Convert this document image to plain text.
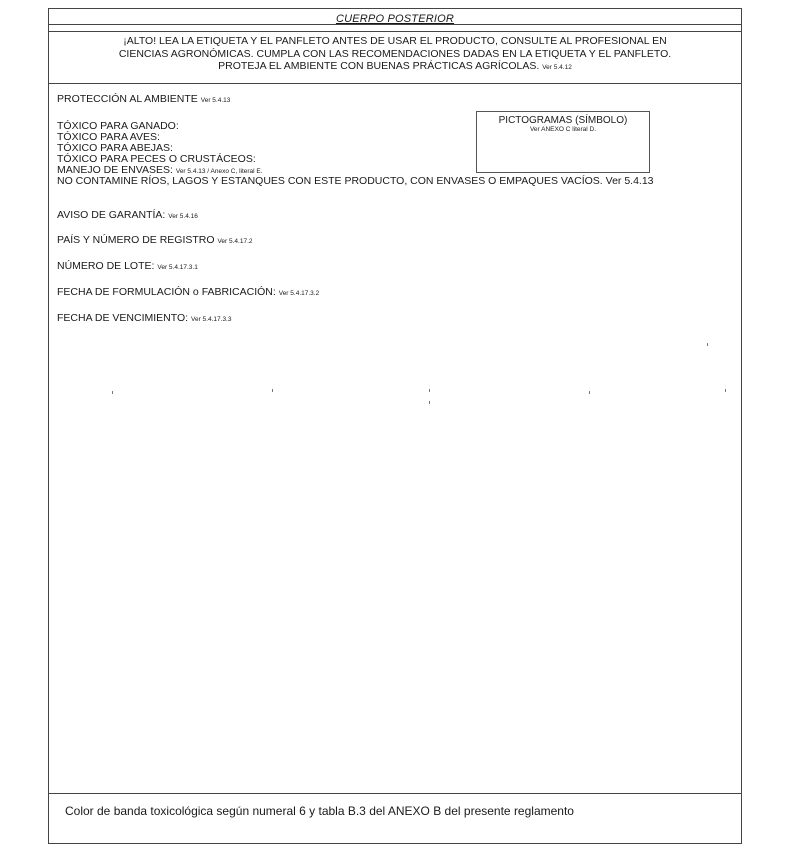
CUERPO POSTERIOR
¡ALTO! LEA LA ETIQUETA Y EL PANFLETO ANTES DE USAR EL PRODUCTO, CONSULTE AL PROFESIONAL EN
CIENCIAS AGRONÓMICAS. CUMPLA CON LAS RECOMENDACIONES DADAS EN LA ETIQUETA Y EL PANFLETO.
PROTEJA EL AMBIENTE CON BUENAS PRÁCTICAS AGRÍCOLAS. Ver 5.4.12
PROTECCIÓN AL AMBIENTE Ver 5.4.13
PICTOGRAMAS (SÍMBOLO)
Ver ANEXO C literal D.
TÓXICO PARA GANADO:
TÓXICO PARA AVES:
TÓXICO PARA ABEJAS:
TÓXICO PARA PECES O CRUSTÁCEOS:
MANEJO DE ENVASES: Ver 5.4.13 / Anexo C, literal E.
NO CONTAMINE RÍOS, LAGOS Y ESTANQUES CON ESTE PRODUCTO, CON ENVASES O EMPAQUES VACÍOS. Ver 5.4.13
AVISO DE GARANTÍA: Ver 5.4.16
PAÍS Y NÚMERO DE REGISTRO Ver 5.4.17.2
NÚMERO DE LOTE: Ver 5.4.17.3.1
FECHA DE FORMULACIÓN o FABRICACIÓN: Ver 5.4.17.3.2
FECHA DE VENCIMIENTO: Ver 5.4.17.3.3
Color de banda toxicológica según numeral 6 y tabla B.3 del ANEXO B del presente reglamento
